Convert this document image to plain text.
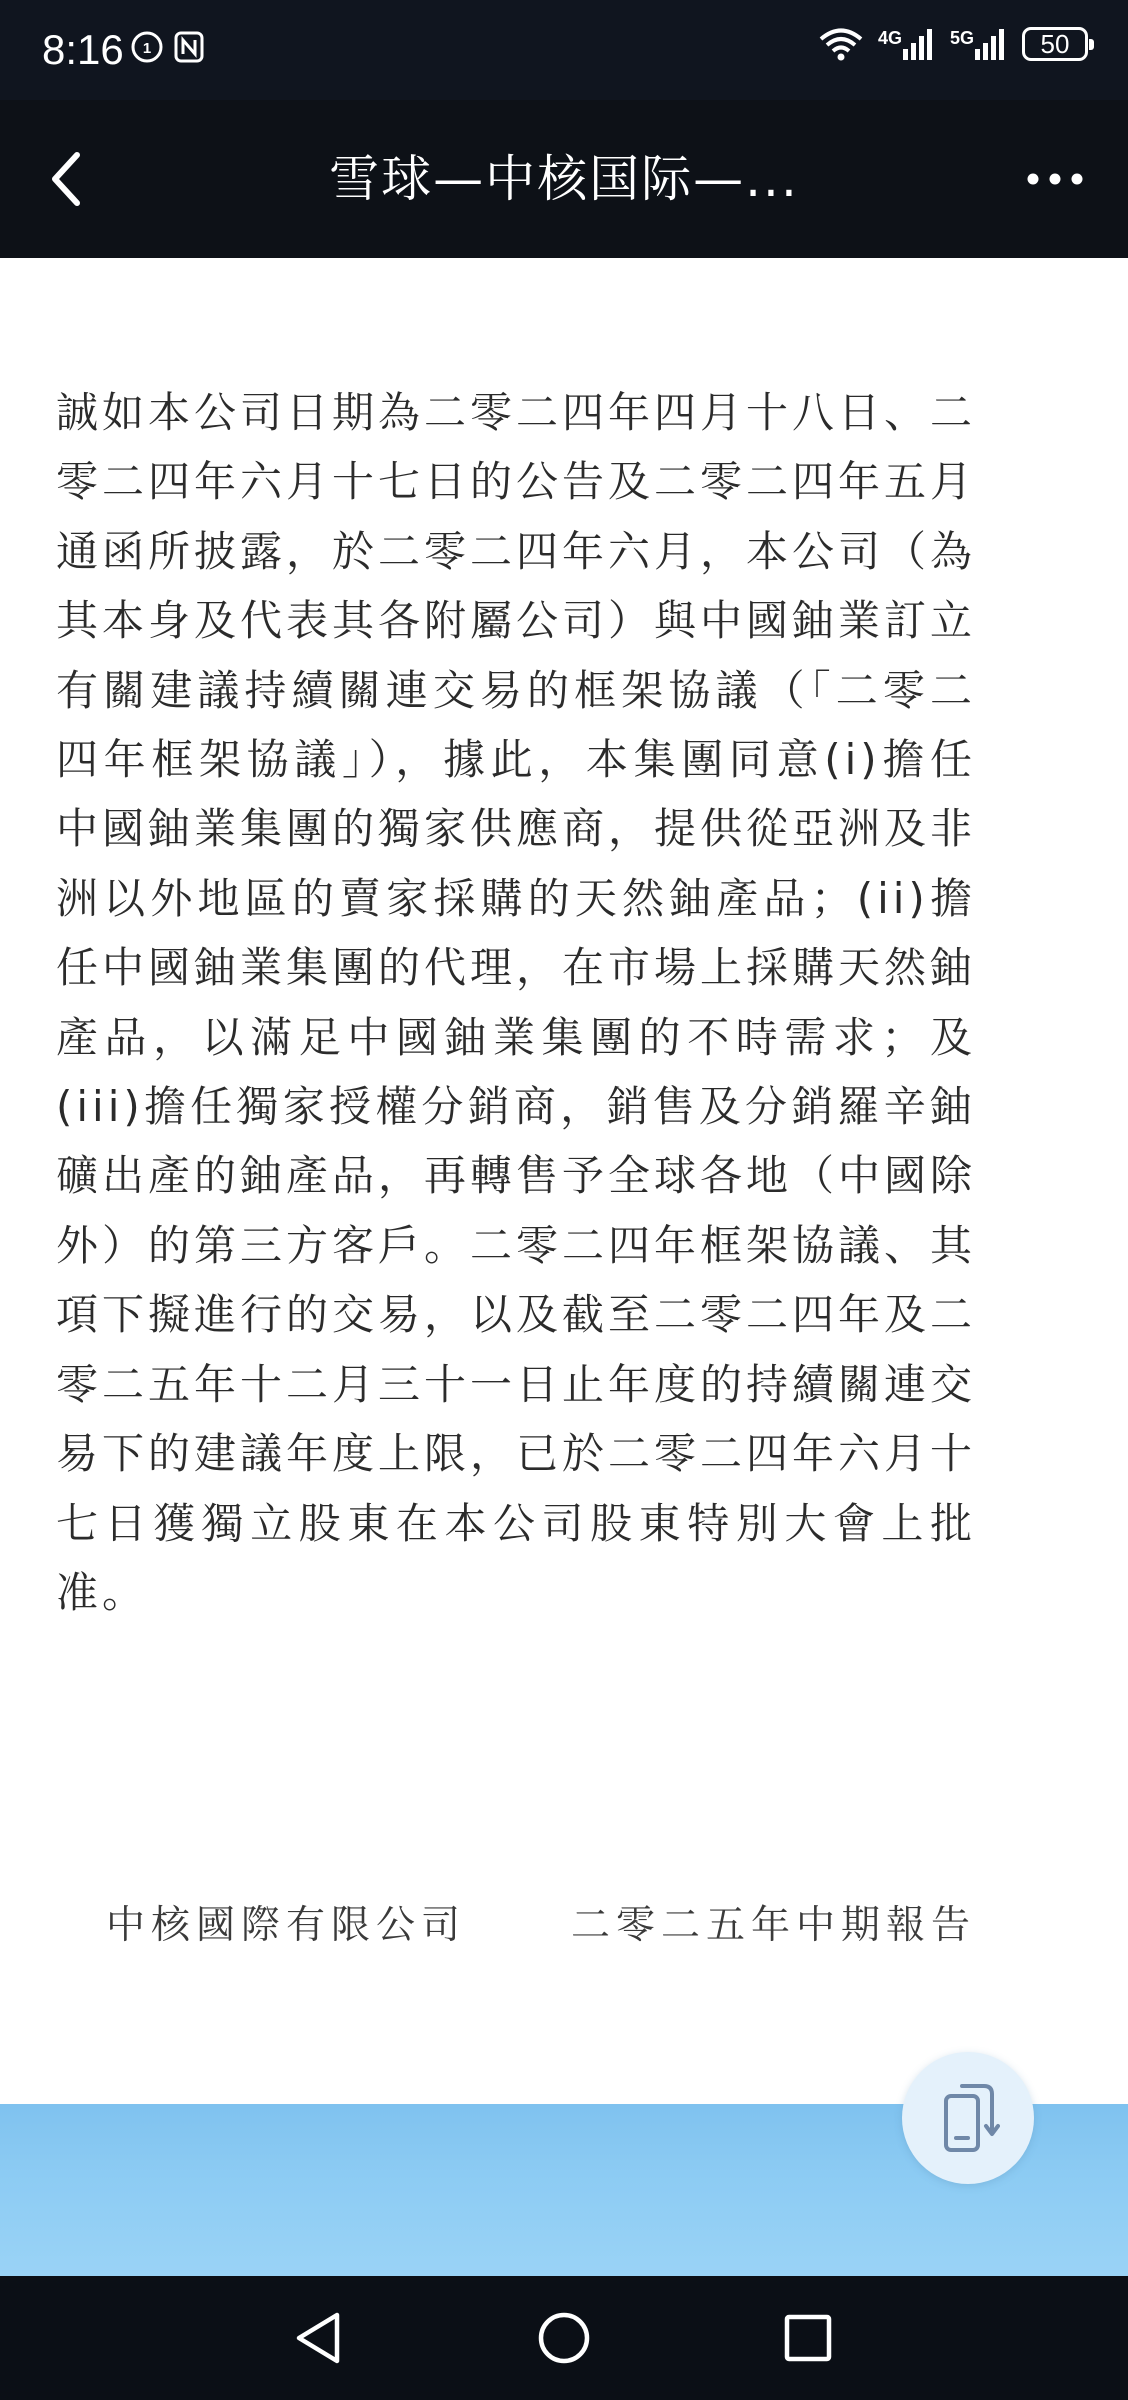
8:16 1
4G	5G	50
雪球—中核国际—...

誠如本公司日期為二零二四年四月十八日、二零二四年六月十七日的公告及二零二四年五月通函所披露，於二零二四年六月，本公司（為其本身及代表其各附屬公司）與中國鈾業訂立有關建議持續關連交易的框架協議（「二零二四年框架協議」），據此，本集團同意(i)擔任中國鈾業集團的獨家供應商，提供從亞洲及非洲以外地區的賣家採購的天然鈾產品；(ii)擔任中國鈾業集團的代理，在市場上採購天然鈾產品，以滿足中國鈾業集團的不時需求；及(iii)擔任獨家授權分銷商，銷售及分銷羅辛鈾礦出產的鈾產品，再轉售予全球各地（中國除外）的第三方客戶。二零二四年框架協議、其項下擬進行的交易，以及截至二零二四年及二零二五年十二月三十一日止年度的持續關連交易下的建議年度上限，已於二零二四年六月十七日獲獨立股東在本公司股東特別大會上批准。

中核國際有限公司	二零二五年中期報告
